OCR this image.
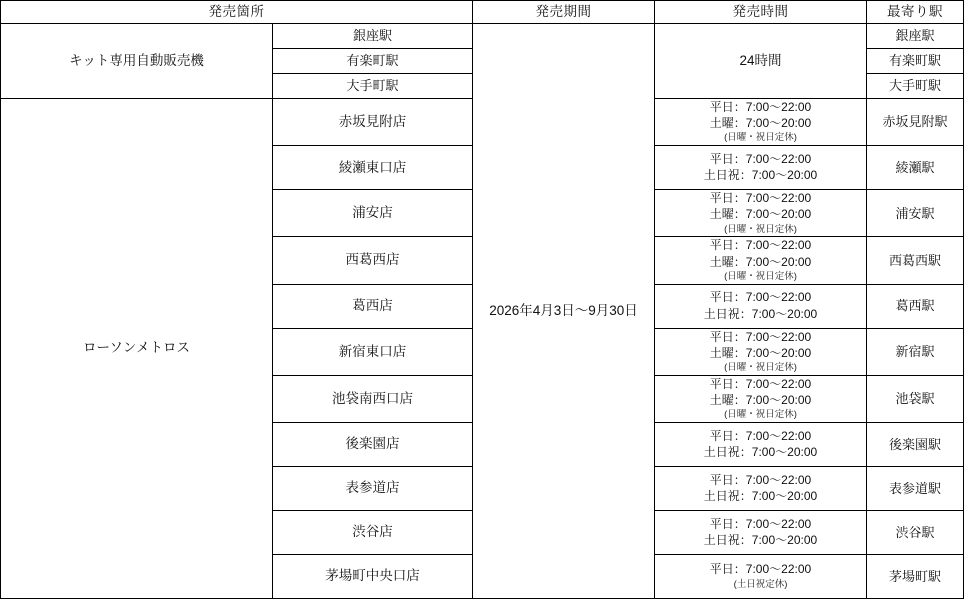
発売箇所		発売期間	発売時間	最寄り駅
キット専用自動販売機	銀座駅	2026年4月3日～9月30日	24時間	銀座駅
	有楽町駅			有楽町駅
	大手町駅			大手町駅
ローソンメトロス	赤坂見附店		平日：7:00～22:00
土曜：7:00～20:00
(日曜・祝日定休)	赤坂見附駅
	綾瀬東口店		平日：7:00～22:00
土日祝：7:00～20:00	綾瀬駅
	浦安店		平日：7:00～22:00
土曜：7:00～20:00
(日曜・祝日定休)	浦安駅
	西葛西店		平日：7:00～22:00
土曜：7:00～20:00
(日曜・祝日定休)	西葛西駅
	葛西店		平日：7:00～22:00
土日祝：7:00～20:00	葛西駅
	新宿東口店		平日：7:00～22:00
土曜：7:00～20:00
(日曜・祝日定休)	新宿駅
	池袋南西口店		平日：7:00～22:00
土曜：7:00～20:00
(日曜・祝日定休)	池袋駅
	後楽園店		平日：7:00～22:00
土日祝：7:00～20:00	後楽園駅
	表参道店		平日：7:00～22:00
土日祝：7:00～20:00	表参道駅
	渋谷店		平日：7:00～22:00
土日祝：7:00～20:00	渋谷駅
	茅場町中央口店		平日：7:00～22:00
(土日祝定休)	茅場町駅
